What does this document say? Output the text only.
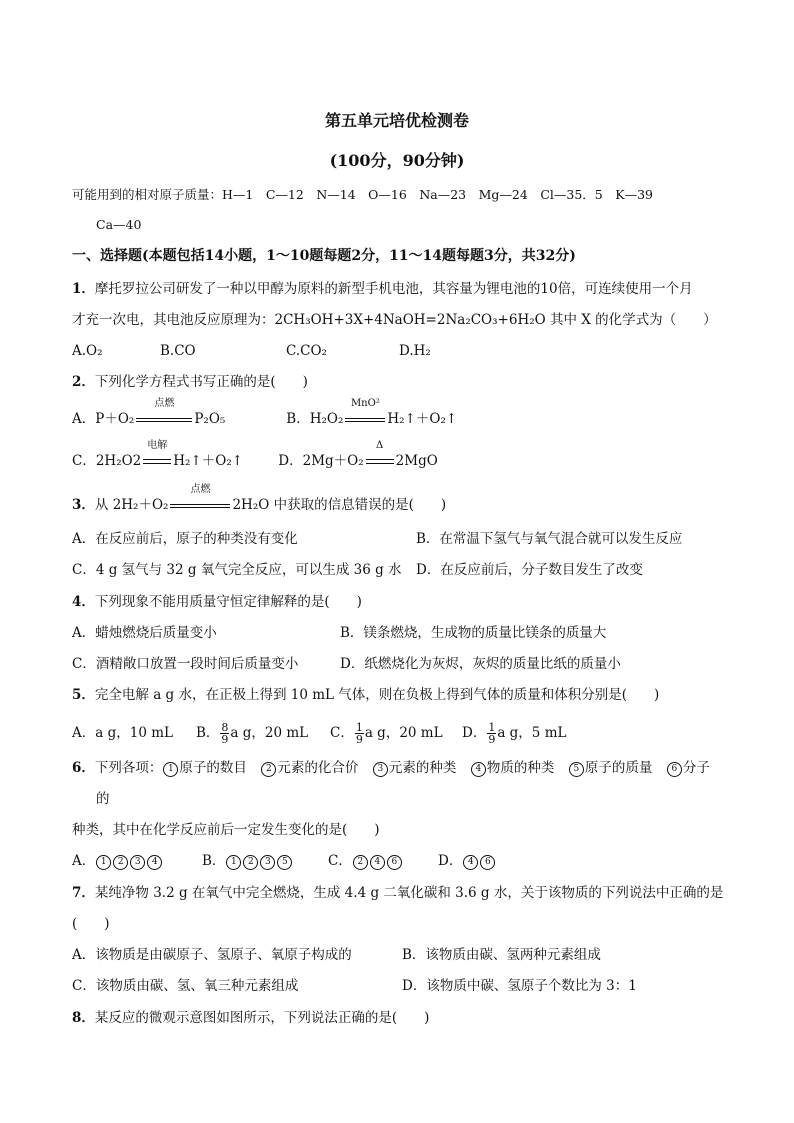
第五单元培优检测卷
(100分，90分钟)
可能用到的相对原子质量：H—1　C—12　N—14　O—16　Na—23　Mg—24　Cl—35．5　K—39
Ca—40
一、选择题(本题包括14小题，1～10题每题2分，11～14题每题3分，共32分)
1．摩托罗拉公司研发了一种以甲醇为原料的新型手机电池，其容量为锂电池的10倍，可连续使用一个月
才充一次电，其电池反应原理为：2CH₃OH+3X+4NaOH=2Na₂CO₃+6H₂O 其中 X 的化学式为（　　）
A.O₂	B.CO	C.CO₂	D.H₂
2．下列化学方程式书写正确的是(　　)
A．P＋O₂
点燃
P₂O₅	B．H₂O₂
MnO²
H₂↑＋O₂↑
C．2H₂O2
电解
H₂↑＋O₂↑	D．2Mg＋O₂
Δ
2MgO
3．从 2H₂＋O₂
点燃
2H₂O 中获取的信息错误的是(　　)
A．在反应前后，原子的种类没有变化	B．在常温下氢气与氧气混合就可以发生反应
C．4 g 氢气与 32 g 氧气完全反应，可以生成 36 g 水 D．在反应前后，分子数目发生了改变
4．下列现象不能用质量守恒定律解释的是(　　)
A．蜡烛燃烧后质量变小	B．镁条燃烧，生成物的质量比镁条的质量大
C．酒精敞口放置一段时间后质量变小	D．纸燃烧化为灰烬，灰烬的质量比纸的质量小
5．完全电解 a g 水，在正极上得到 10 mL 气体，则在负极上得到气体的质量和体积分别是(　　)
A．a g，10 mL B． $\frac{8}{9}$ a g，20 mL C． $\frac{1}{9}$ a g，20 mL D． $\frac{1}{9}$ a g，5 mL
6．下列各项： 1 原子的数目　 2 元素的化合价　 3 元素的种类　 4 物质的种类　 5 原子的质量　 6 分子
的
种类，其中在化学反应前后一定发生变化的是(　　)
A． 1 2 3 4	B． 1 2 3 5	C． 2 4 6	D． 4 6
7．某纯净物 3.2 g 在氧气中完全燃烧，生成 4.4 g 二氧化碳和 3.6 g 水，关于该物质的下列说法中正确的是
(　　)
A．该物质是由碳原子、氢原子、氧原子构成的	B．该物质由碳、氢两种元素组成
C．该物质由碳、氢、氧三种元素组成	D．该物质中碳、氢原子个数比为 3：1
8．某反应的微观示意图如图所示，下列说法正确的是(　　)
